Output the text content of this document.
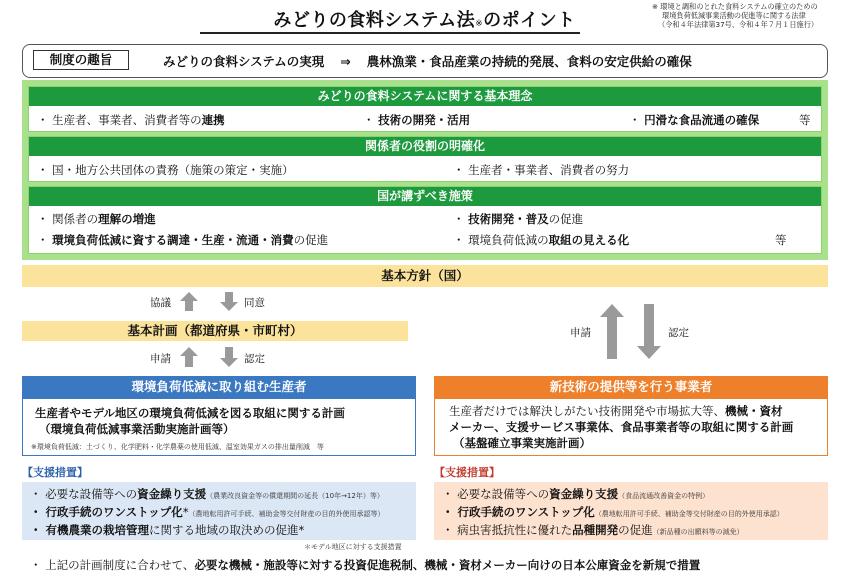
みどりの食料システム法※のポイント
※ 環境と調和のとれた食料システムの確立のための
環境負荷低減事業活動の促進等に関する法律
（令和４年法律第37号、令和４年７月１日施行）
制度の趣旨	みどりの食料システムの実現 ⇒ 農林漁業・食品産業の持続的発展、食料の安定供給の確保
みどりの食料システムに関する基本理念
・ 生産者、事業者、消費者等の連携	・ 技術の開発・活用	・ 円滑な食品流通の確保	等
関係者の役割の明確化
・ 国・地方公共団体の責務（施策の策定・実施）	・ 生産者・事業者、消費者の努力
国が講ずべき施策
・ 関係者の理解の増進	・ 技術開発・普及の促進
・ 環境負荷低減に資する調達・生産・流通・消費の促進	・ 環境負荷低減の取組の見える化	等
基本方針（国）
協議	同意
基本計画（都道府県・市町村）
申請	認定
申請	認定
環境負荷低減に取り組む生産者
生産者やモデル地区の環境負荷低減を図る取組に関する計画
（環境負荷低減事業活動実施計画等）
※環境負荷低減：土づくり、化学肥料・化学農薬の使用低減、温室効果ガスの排出量削減　等
新技術の提供等を行う事業者
生産者だけでは解決しがたい技術開発や市場拡大等、機械・資材
メーカー、支援サービス事業体、食品事業者等の取組に関する計画
（基盤確立事業実施計画）
【支援措置】	【支援措置】
・ 必要な設備等への資金繰り支援（農業改良資金等の償還期間の延長（10年→12年）等）
・ 行政手続のワンストップ化*（農地転用許可手続、補助金等交付財産の目的外使用承認等）
・ 有機農業の栽培管理に関する地域の取決めの促進*
＊モデル地区に対する支援措置
・ 必要な設備等への資金繰り支援（食品流通改善資金の特例）
・ 行政手続のワンストップ化（農地転用許可手続、補助金等交付財産の目的外使用承認）
・ 病虫害抵抗性に優れた品種開発の促進（新品種の出願料等の減免）
・ 上記の計画制度に合わせて、必要な機械・施設等に対する投資促進税制、機械・資材メーカー向けの日本公庫資金を新規で措置
